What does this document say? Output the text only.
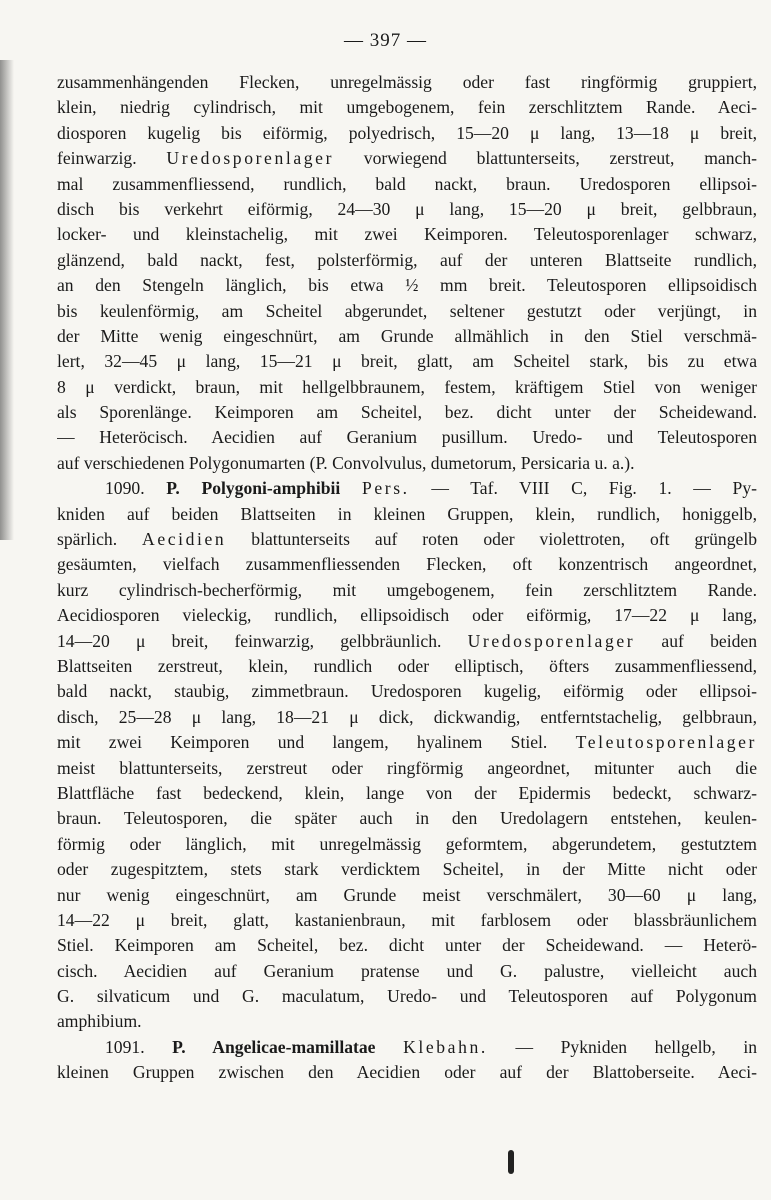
— 397 —
zusammenhängenden Flecken, unregelmässig oder fast ringförmig gruppiert,
klein, niedrig cylindrisch, mit umgebogenem, fein zerschlitztem Rande. Aeci-
diosporen kugelig bis eiförmig, polyedrisch, 15—20 μ lang, 13—18 μ breit,
feinwarzig. Uredosporenlager vorwiegend blattunterseits, zerstreut, manch-
mal zusammenfliessend, rundlich, bald nackt, braun. Uredosporen ellipsoi-
disch bis verkehrt eiförmig, 24—30 μ lang, 15—20 μ breit, gelbbraun,
locker- und kleinstachelig, mit zwei Keimporen. Teleutosporenlager schwarz,
glänzend, bald nackt, fest, polsterförmig, auf der unteren Blattseite rundlich,
an den Stengeln länglich, bis etwa ½ mm breit. Teleutosporen ellipsoidisch
bis keulenförmig, am Scheitel abgerundet, seltener gestutzt oder verjüngt, in
der Mitte wenig eingeschnürt, am Grunde allmählich in den Stiel verschmä-
lert, 32—45 μ lang, 15—21 μ breit, glatt, am Scheitel stark, bis zu etwa
8 μ verdickt, braun, mit hellgelbbraunem, festem, kräftigem Stiel von weniger
als Sporenlänge. Keimporen am Scheitel, bez. dicht unter der Scheidewand.
— Heteröcisch. Aecidien auf Geranium pusillum. Uredo- und Teleutosporen
auf verschiedenen Polygonumarten (P. Convolvulus, dumetorum, Persicaria u. a.).
1090. P. Polygoni-amphibii Pers. — Taf. VIII C, Fig. 1. — Py-
kniden auf beiden Blattseiten in kleinen Gruppen, klein, rundlich, honiggelb,
spärlich. Aecidien blattunterseits auf roten oder violettroten, oft grüngelb
gesäumten, vielfach zusammenfliessenden Flecken, oft konzentrisch angeordnet,
kurz cylindrisch-becherförmig, mit umgebogenem, fein zerschlitztem Rande.
Aecidiosporen vieleckig, rundlich, ellipsoidisch oder eiförmig, 17—22 μ lang,
14—20 μ breit, feinwarzig, gelbbräunlich. Uredosporenlager auf beiden
Blattseiten zerstreut, klein, rundlich oder elliptisch, öfters zusammenfliessend,
bald nackt, staubig, zimmetbraun. Uredosporen kugelig, eiförmig oder ellipsoi-
disch, 25—28 μ lang, 18—21 μ dick, dickwandig, entferntstachelig, gelbbraun,
mit zwei Keimporen und langem, hyalinem Stiel. Teleutosporenlager
meist blattunterseits, zerstreut oder ringförmig angeordnet, mitunter auch die
Blattfläche fast bedeckend, klein, lange von der Epidermis bedeckt, schwarz-
braun. Teleutosporen, die später auch in den Uredolagern entstehen, keulen-
förmig oder länglich, mit unregelmässig geformtem, abgerundetem, gestutztem
oder zugespitztem, stets stark verdicktem Scheitel, in der Mitte nicht oder
nur wenig eingeschnürt, am Grunde meist verschmälert, 30—60 μ lang,
14—22 μ breit, glatt, kastanienbraun, mit farblosem oder blassbräunlichem
Stiel. Keimporen am Scheitel, bez. dicht unter der Scheidewand. — Heterö-
cisch. Aecidien auf Geranium pratense und G. palustre, vielleicht auch
G. silvaticum und G. maculatum, Uredo- und Teleutosporen auf Polygonum
amphibium.
1091. P. Angelicae-mamillatae Klebahn. — Pykniden hellgelb, in
kleinen Gruppen zwischen den Aecidien oder auf der Blattoberseite. Aeci-
